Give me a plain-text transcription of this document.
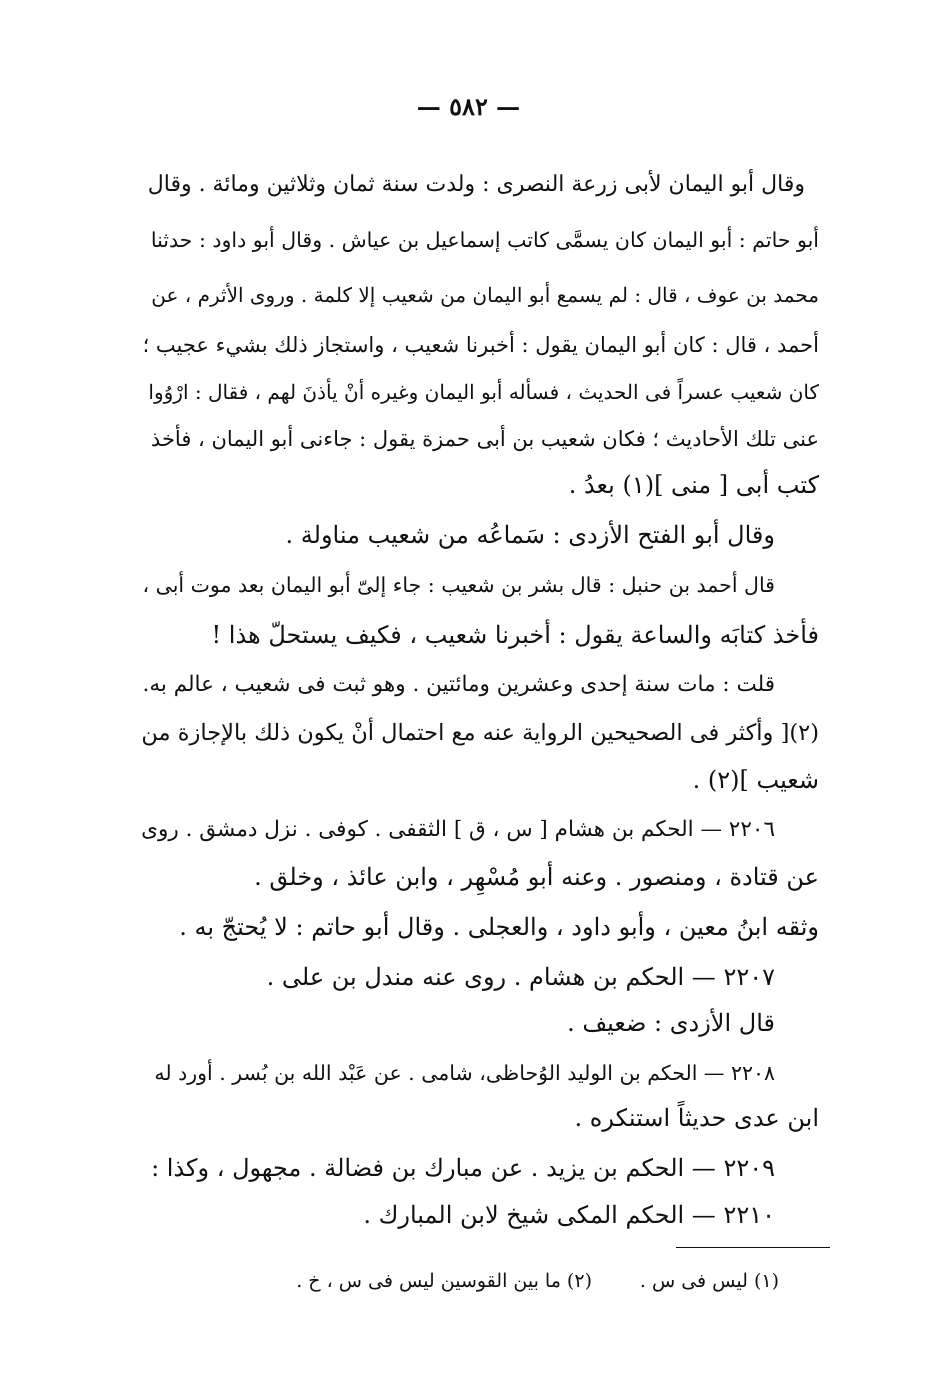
— ٥٨٢ —
وقال أبو اليمان لأبى زرعة النصرى : ولدت سنة ثمان وثلاثين ومائة . وقال
أبو حاتم : أبو اليمان كان يسمَّى كاتب إسماعيل بن عياش . وقال أبو داود : حدثنا
محمد بن عوف ، قال : لم يسمع أبو اليمان من شعيب إلا كلمة . وروى الأثرم ، عن
أحمد ، قال : كان أبو اليمان يقول : أخبرنا شعيب ، واستجاز ذلك بشيء عجيب ؛
كان شعيب عسراً فى الحديث ، فسأله أبو اليمان وغيره أنْ يأذنَ لهم ، فقال : ارْوُوا
عنى تلك الأحاديث ؛ فكان شعيب بن أبى حمزة يقول : جاءنى أبو اليمان ، فأخذ
كتب أبى [ منى ](١) بعدُ .
وقال أبو الفتح الأزدى : سَماعُه من شعيب مناولة .
قال أحمد بن حنبل : قال بشر بن شعيب : جاء إلىّ أبو اليمان بعد موت أبى ،
فأخذ كتابَه والساعة يقول : أخبرنا شعيب ، فكيف يستحلّ هذا !
قلت : مات سنة إحدى وعشرين ومائتين . وهو ثبت فى شعيب ، عالم به.
(٢)[ وأكثر فى الصحيحين الرواية عنه مع احتمال أنْ يكون ذلك بالإجازة من
شعيب ](٢) .
٢٢٠٦ — الحكم بن هشام [ س ، ق ] الثقفى . كوفى . نزل دمشق . روى
عن قتادة ، ومنصور . وعنه أبو مُسْهِر ، وابن عائذ ، وخلق .
وثقه ابنُ معين ، وأبو داود ، والعجلى . وقال أبو حاتم : لا يُحتجّ به .
٢٢٠٧ — الحكم بن هشام . روى عنه مندل بن على .
قال الأزدى : ضعيف .
٢٢٠٨ — الحكم بن الوليد الوُحاظى، شامى . عن عَبْد الله بن بُسر . أورد له
ابن عدى حديثاً استنكره .
٢٢٠٩ — الحكم بن يزيد . عن مبارك بن فضالة . مجهول ، وكذا :
٢٢١٠ — الحكم المكى شيخ لابن المبارك .
(١) ليس فى س .
(٢) ما بين القوسين ليس فى س ، خ .
